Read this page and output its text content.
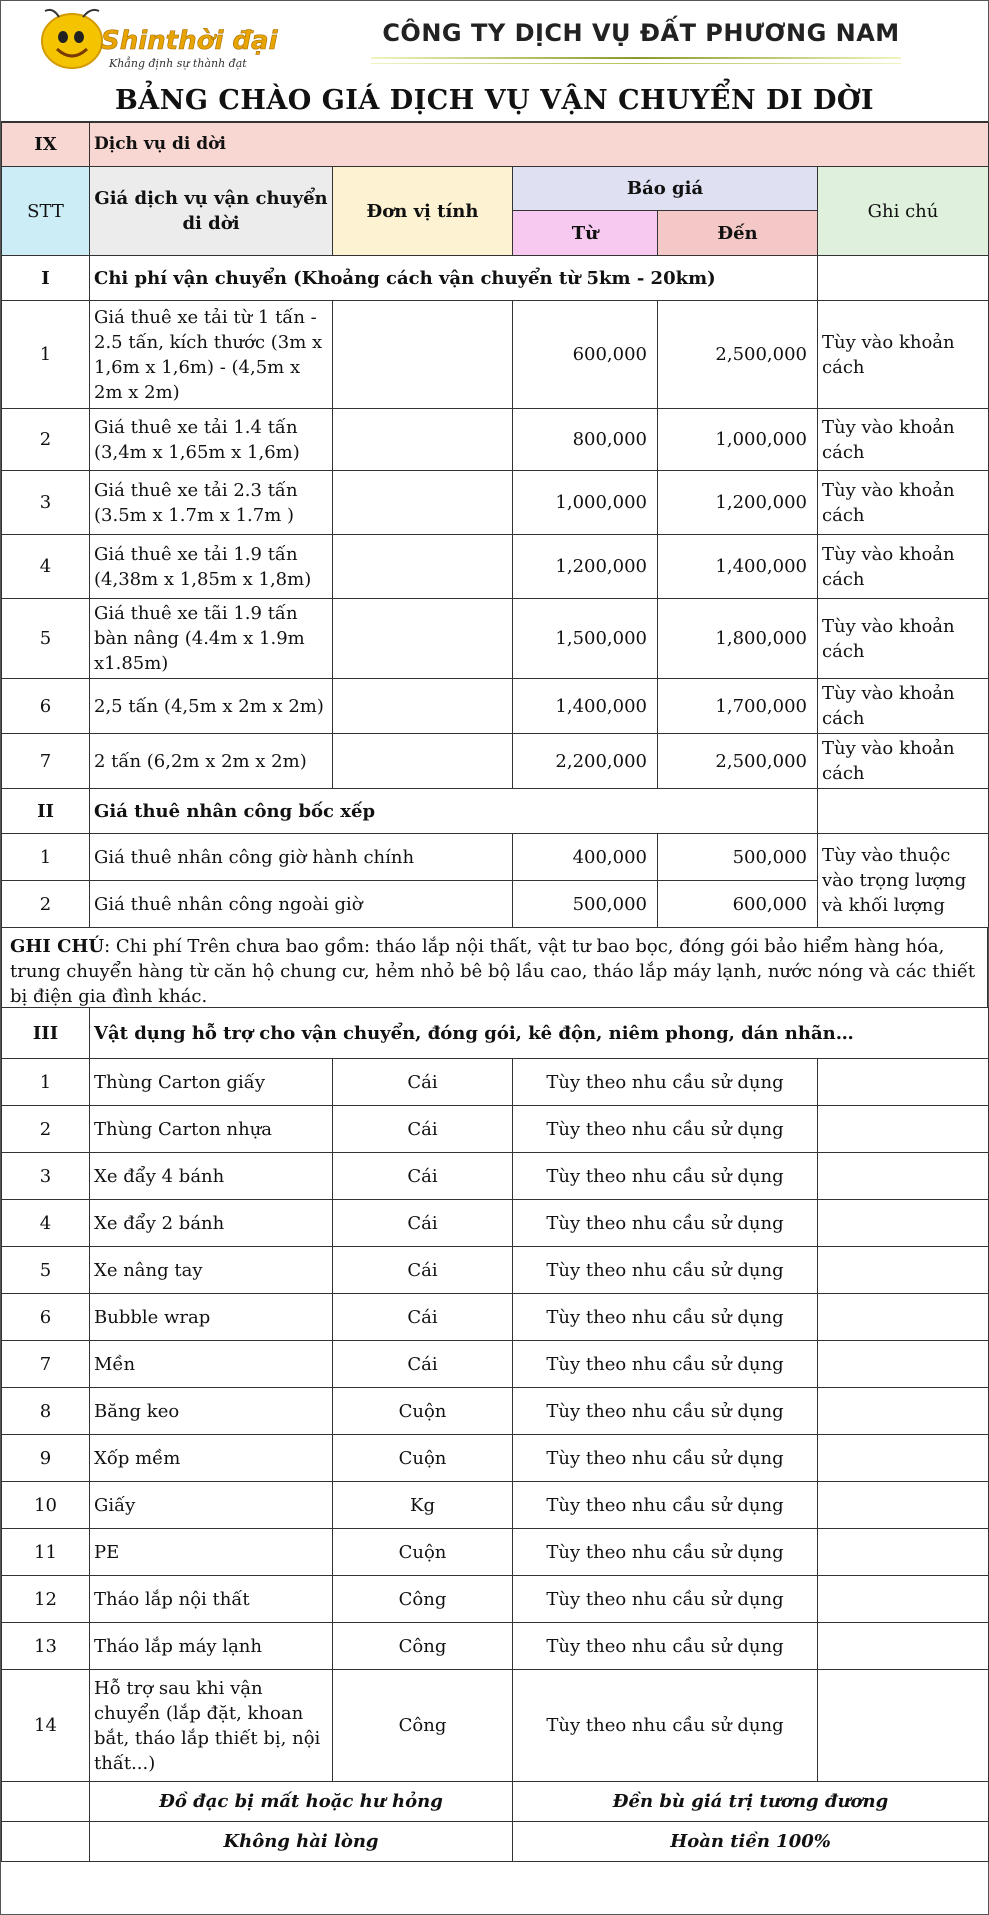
Shinthời đại
Khẳng định sự thành đạt
CÔNG TY DỊCH VỤ ĐẤT PHƯƠNG NAM
BẢNG CHÀO GIÁ DỊCH VỤ VẬN CHUYỂN DI DỜI
IX	Dịch vụ di dời				
STT	Giá dịch vụ vận chuyển di dời	Đơn vị tính	Báo giá		Ghi chú
			Từ	Đến	
I	Chi phí vận chuyển (Khoảng cách vận chuyển từ 5km - 20km)				
1	Giá thuê xe tải từ 1 tấn - 2.5 tấn, kích thước (3m x 1,6m x 1,6m) - (4,5m x 2m x 2m)		600,000	2,500,000	Tùy vào khoản cách
2	Giá thuê xe tải 1.4 tấn (3,4m x 1,65m x 1,6m)		800,000	1,000,000	Tùy vào khoản cách
3	Giá thuê xe tải 2.3 tấn (3.5m x 1.7m x 1.7m )		1,000,000	1,200,000	Tùy vào khoản cách
4	Giá thuê xe tải 1.9 tấn (4,38m x 1,85m x 1,8m)		1,200,000	1,400,000	Tùy vào khoản cách
5	Giá thuê xe tãi 1.9 tấn bàn nâng (4.4m x 1.9m x1.85m)		1,500,000	1,800,000	Tùy vào khoản cách
6	2,5 tấn (4,5m x 2m x 2m)		1,400,000	1,700,000	Tùy vào khoản cách
7	2 tấn (6,2m x 2m x 2m)		2,200,000	2,500,000	Tùy vào khoản cách
II	Giá thuê nhân công bốc xếp				
1	Giá thuê nhân công giờ hành chính		400,000	500,000	Tùy vào thuộc vào trọng lượng và khối lượng
2	Giá thuê nhân công ngoài giờ		500,000	600,000	
GHI CHÚ: Chi phí Trên chưa bao gồm: tháo lắp nội thất, vật tư bao bọc, đóng gói bảo hiểm hàng hóa, trung chuyển hàng từ căn hộ chung cư, hẻm nhỏ bê bộ lầu cao, tháo lắp máy lạnh, nước nóng và các thiết bị điện gia đình khác.
III	Vật dụng hỗ trợ cho vận chuyển, đóng gói, kê độn, niêm phong, dán nhãn…			
1	Thùng Carton giấy	Cái	Tùy theo nhu cầu sử dụng	
2	Thùng Carton nhựa	Cái	Tùy theo nhu cầu sử dụng	
3	Xe đẩy 4 bánh	Cái	Tùy theo nhu cầu sử dụng	
4	Xe đẩy 2 bánh	Cái	Tùy theo nhu cầu sử dụng	
5	Xe nâng tay	Cái	Tùy theo nhu cầu sử dụng	
6	Bubble wrap	Cái	Tùy theo nhu cầu sử dụng	
7	Mền	Cái	Tùy theo nhu cầu sử dụng	
8	Băng keo	Cuộn	Tùy theo nhu cầu sử dụng	
9	Xốp mềm	Cuộn	Tùy theo nhu cầu sử dụng	
10	Giấy	Kg	Tùy theo nhu cầu sử dụng	
11	PE	Cuộn	Tùy theo nhu cầu sử dụng	
12	Tháo lắp nội thất	Công	Tùy theo nhu cầu sử dụng	
13	Tháo lắp máy lạnh	Công	Tùy theo nhu cầu sử dụng	
14	Hỗ trợ sau khi vận chuyển (lắp đặt, khoan bắt, tháo lắp thiết bị, nội thất...)	Công	Tùy theo nhu cầu sử dụng	
	Đồ đạc bị mất hoặc hư hỏng		Đền bù giá trị tương đương	
	Không hài lòng		Hoàn tiền 100%	
